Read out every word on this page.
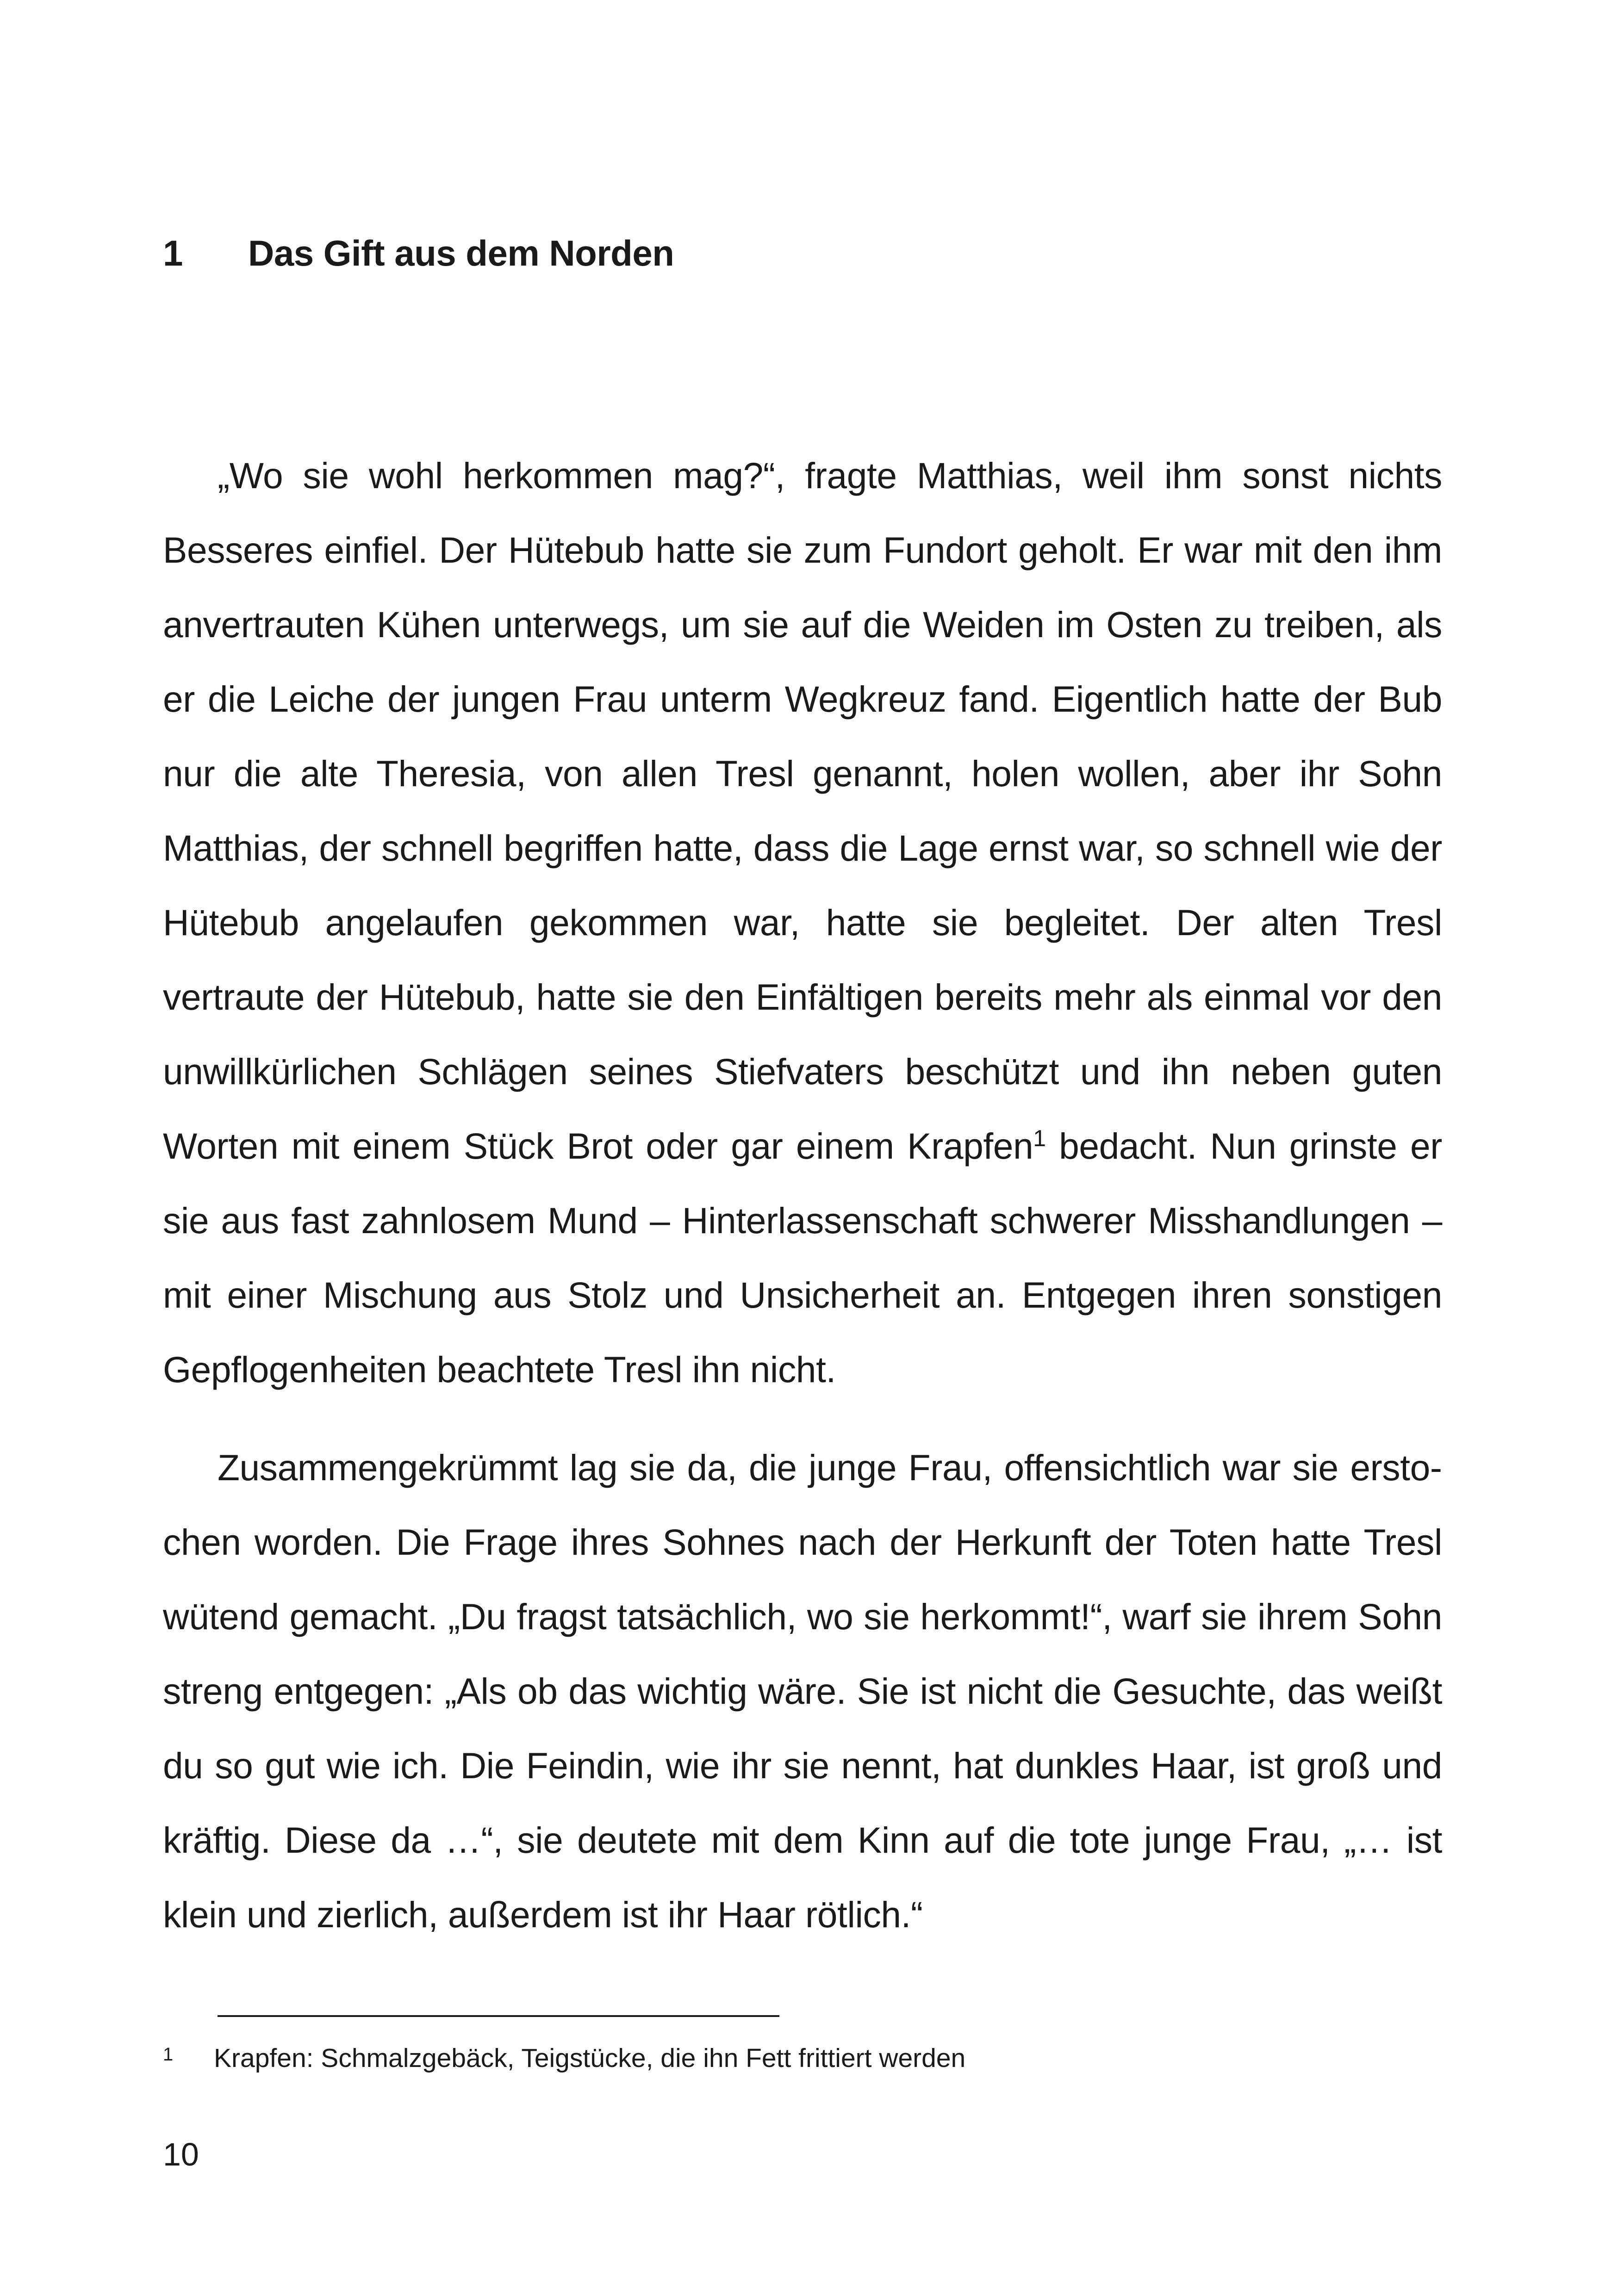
1	Das Gift aus dem Norden

„Wo sie wohl herkommen mag?“, fragte Matthias, weil ihm sonst nichts Besseres einfiel. Der Hütebub hatte sie zum Fundort geholt. Er war mit den ihm anvertrauten Kühen unterwegs, um sie auf die Weiden im Osten zu treiben, als er die Leiche der jungen Frau unterm Wegkreuz fand. Eigentlich hatte der Bub nur die alte Theresia, von allen Tresl genannt, holen wollen, aber ihr Sohn Matthias, der schnell begriffen hatte, dass die Lage ernst war, so schnell wie der Hütebub angelaufen gekommen war, hatte sie begleitet. Der alten Tresl vertraute der Hütebub, hatte sie den Einfältigen bereits mehr als einmal vor den unwillkürlichen Schlägen seines Stiefvaters beschützt und ihn neben guten Worten mit einem Stück Brot oder gar einem Krapfen$^1$ bedacht. Nun grinste er sie aus fast zahnlosem Mund – Hinterlassenschaft schwerer Misshandlungen – mit einer Mischung aus Stolz und Unsicherheit an. Entgegen ihren sonstigen Gepflogenheiten beachtete Tresl ihn nicht.

Zusammengekrümmt lag sie da, die junge Frau, offensichtlich war sie erstochen worden. Die Frage ihres Sohnes nach der Herkunft der Toten hatte Tresl wütend gemacht. „Du fragst tatsächlich, wo sie herkommt!“, warf sie ihrem Sohn streng entgegen: „Als ob das wichtig wäre. Sie ist nicht die Gesuchte, das weißt du so gut wie ich. Die Feindin, wie ihr sie nennt, hat dunkles Haar, ist groß und kräftig. Diese da …“, sie deutete mit dem Kinn auf die tote junge Frau, „… ist klein und zierlich, außerdem ist ihr Haar rötlich.“

1	Krapfen: Schmalzgebäck, Teigstücke, die ihn Fett frittiert werden
10
